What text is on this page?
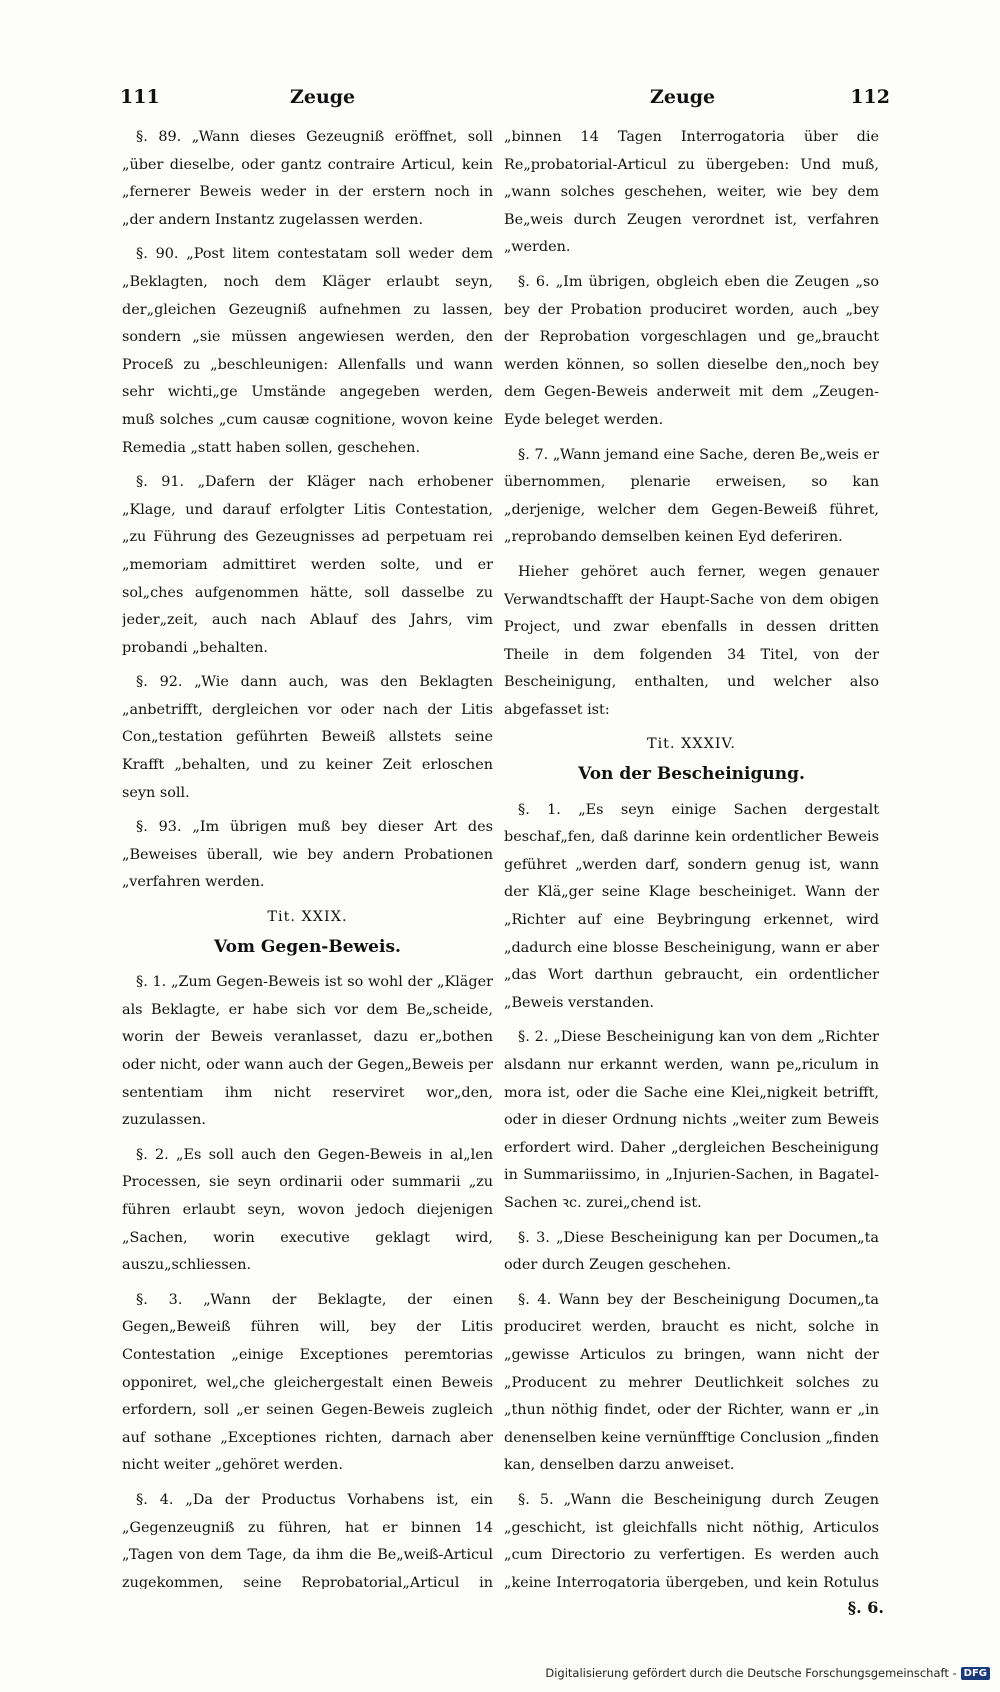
111	Zeuge	Zeuge	112
§. 89. „Wann dieses Gezeugniß eröffnet, soll „über dieselbe, oder gantz contraire Articul, kein „fernerer Beweis weder in der erstern noch in „der andern Instantz zugelassen werden.
§. 90. „Post litem contestatam soll weder dem „Beklagten, noch dem Kläger erlaubt seyn, der„gleichen Gezeugniß aufnehmen zu lassen, sondern „sie müssen angewiesen werden, den Proceß zu „beschleunigen: Allenfalls und wann sehr wichti„ge Umstände angegeben werden, muß solches „cum causæ cognitione, wovon keine Remedia „statt haben sollen, geschehen.
§. 91. „Dafern der Kläger nach erhobener „Klage, und darauf erfolgter Litis Contestation, „zu Führung des Gezeugnisses ad perpetuam rei „memoriam admittiret werden solte, und er sol„ches aufgenommen hätte, soll dasselbe zu jeder„zeit, auch nach Ablauf des Jahrs, vim probandi „behalten.
§. 92. „Wie dann auch, was den Beklagten „anbetrifft, dergleichen vor oder nach der Litis Con„testation geführten Beweiß allstets seine Krafft „behalten, und zu keiner Zeit erloschen seyn soll.
§. 93. „Im übrigen muß bey dieser Art des „Beweises überall, wie bey andern Probationen „verfahren werden.
Tit. XXIX.
Vom Gegen-Beweis.
§. 1. „Zum Gegen-Beweis ist so wohl der „Kläger als Beklagte, er habe sich vor dem Be„scheide, worin der Beweis veranlasset, dazu er„bothen oder nicht, oder wann auch der Gegen„Beweis per sententiam ihm nicht reserviret wor„den, zuzulassen.
§. 2. „Es soll auch den Gegen-Beweis in al„len Processen, sie seyn ordinarii oder summarii „zu führen erlaubt seyn, wovon jedoch diejenigen „Sachen, worin executive geklagt wird, auszu„schliessen.
§. 3. „Wann der Beklagte, der einen Gegen„Beweiß führen will, bey der Litis Contestation „einige Exceptiones peremtorias opponiret, wel„che gleichergestalt einen Beweis erfordern, soll „er seinen Gegen-Beweis zugleich auf sothane „Exceptiones richten, darnach aber nicht weiter „gehöret werden.
§. 4. „Da der Productus Vorhabens ist, ein „Gegenzeugniß zu führen, hat er binnen 14 „Tagen von dem Tage, da ihm die Be„weiß-Articul zugekommen, seine Reprobatorial„Articul in
„binnen 14 Tagen Interrogatoria über die Re„probatorial-Articul zu übergeben: Und muß, „wann solches geschehen, weiter, wie bey dem Be„weis durch Zeugen verordnet ist, verfahren „werden.
§. 6. „Im übrigen, obgleich eben die Zeugen „so bey der Probation produciret worden, auch „bey der Reprobation vorgeschlagen und ge„braucht werden können, so sollen dieselbe den„noch bey dem Gegen-Beweis anderweit mit dem „Zeugen-Eyde beleget werden.
§. 7. „Wann jemand eine Sache, deren Be„weis er übernommen, plenarie erweisen, so kan „derjenige, welcher dem Gegen-Beweiß führet, „reprobando demselben keinen Eyd deferiren.
Hieher gehöret auch ferner, wegen genauer Verwandtschafft der Haupt-Sache von dem obigen Project, und zwar ebenfalls in dessen dritten Theile in dem folgenden 34 Titel, von der Bescheinigung, enthalten, und welcher also abgefasset ist:
Tit. XXXIV.
Von der Bescheinigung.
§. 1. „Es seyn einige Sachen dergestalt beschaf„fen, daß darinne kein ordentlicher Beweis geführet „werden darf, sondern genug ist, wann der Klä„ger seine Klage bescheiniget. Wann der „Richter auf eine Beybringung erkennet, wird „dadurch eine blosse Bescheinigung, wann er aber „das Wort darthun gebraucht, ein ordentlicher „Beweis verstanden.
§. 2. „Diese Bescheinigung kan von dem „Richter alsdann nur erkannt werden, wann pe„riculum in mora ist, oder die Sache eine Klei„nigkeit betrifft, oder in dieser Ordnung nichts „weiter zum Beweis erfordert wird. Daher „dergleichen Bescheinigung in Summariissimo, in „Injurien-Sachen, in Bagatel-Sachen ꝛc. zurei„chend ist.
§. 3. „Diese Bescheinigung kan per Documen„ta oder durch Zeugen geschehen.
§. 4. Wann bey der Bescheinigung Documen„ta produciret werden, braucht es nicht, solche in „gewisse Articulos zu bringen, wann nicht der „Producent zu mehrer Deutlichkeit solches zu „thun nöthig findet, oder der Richter, wann er „in denenselben keine vernünfftige Conclusion „finden kan, denselben darzu anweiset.
§. 5. „Wann die Bescheinigung durch Zeugen „geschicht, ist gleichfalls nicht nöthig, Articulos „cum Directorio zu verfertigen. Es werden auch „keine Interrogatoria übergeben, und kein Rotulus
§. 6.
Digitalisierung gefördert durch die Deutsche Forschungsgemeinschaft - DFG
